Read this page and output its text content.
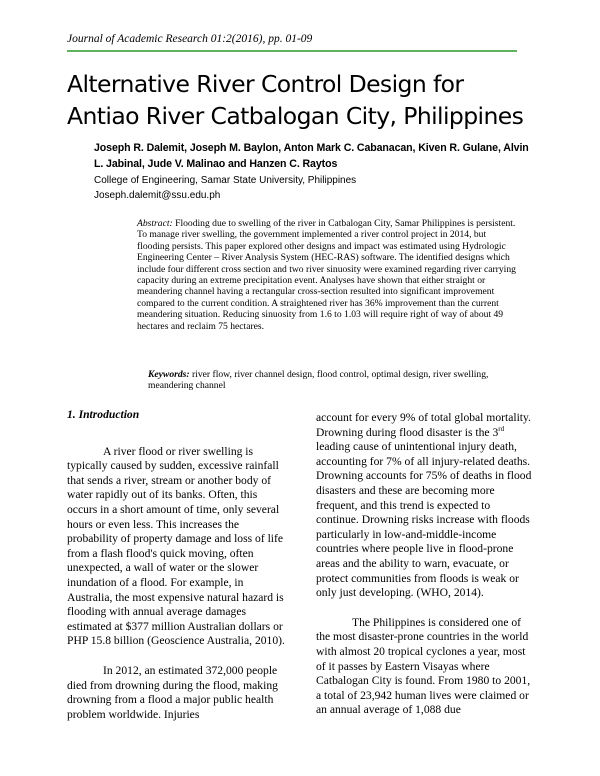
Journal of Academic Research 01:2(2016), pp. 01-09
Alternative River Control Design for Antiao River Catbalogan City, Philippines
Joseph R. Dalemit, Joseph M. Baylon, Anton Mark C. Cabanacan, Kiven R. Gulane, Alvin L. Jabinal, Jude V. Malinao and Hanzen C. Raytos
College of Engineering, Samar State University, Philippines
Joseph.dalemit@ssu.edu.ph
Abstract: Flooding due to swelling of the river in Catbalogan City, Samar Philippines is persistent. To manage river swelling, the government implemented a river control project in 2014, but flooding persists. This paper explored other designs and impact was estimated using Hydrologic Engineering Center – River Analysis System (HEC-RAS) software. The identified designs which include four different cross section and two river sinuosity were examined regarding river carrying capacity during an extreme precipitation event. Analyses have shown that either straight or meandering channel having a rectangular cross-section resulted into significant improvement compared to the current condition. A straightened river has 36% improvement than the current meandering situation. Reducing sinuosity from 1.6 to 1.03 will require right of way of about 49 hectares and reclaim 75 hectares.
Keywords: river flow, river channel design, flood control, optimal design, river swelling, meandering channel
1. Introduction

A river flood or river swelling is typically caused by sudden, excessive rainfall that sends a river, stream or another body of water rapidly out of its banks. Often, this occurs in a short amount of time, only several hours or even less. This increases the probability of property damage and loss of life from a flash flood's quick moving, often unexpected, a wall of water or the slower inundation of a flood. For example, in Australia, the most expensive natural hazard is flooding with annual average damages estimated at $377 million Australian dollars or PHP 15.8 billion (Geoscience Australia, 2010).

In 2012, an estimated 372,000 people died from drowning during the flood, making drowning from a flood a major public health problem worldwide. Injuries

account for every 9% of total global mortality. Drowning during flood disaster is the 3rd leading cause of unintentional injury death, accounting for 7% of all injury-related deaths. Drowning accounts for 75% of deaths in flood disasters and these are becoming more frequent, and this trend is expected to continue. Drowning risks increase with floods particularly in low-and-middle-income countries where people live in flood-prone areas and the ability to warn, evacuate, or protect communities from floods is weak or only just developing. (WHO, 2014).

The Philippines is considered one of the most disaster-prone countries in the world with almost 20 tropical cyclones a year, most of it passes by Eastern Visayas where Catbalogan City is found. From 1980 to 2001, a total of 23,942 human lives were claimed or an annual average of 1,088 due
